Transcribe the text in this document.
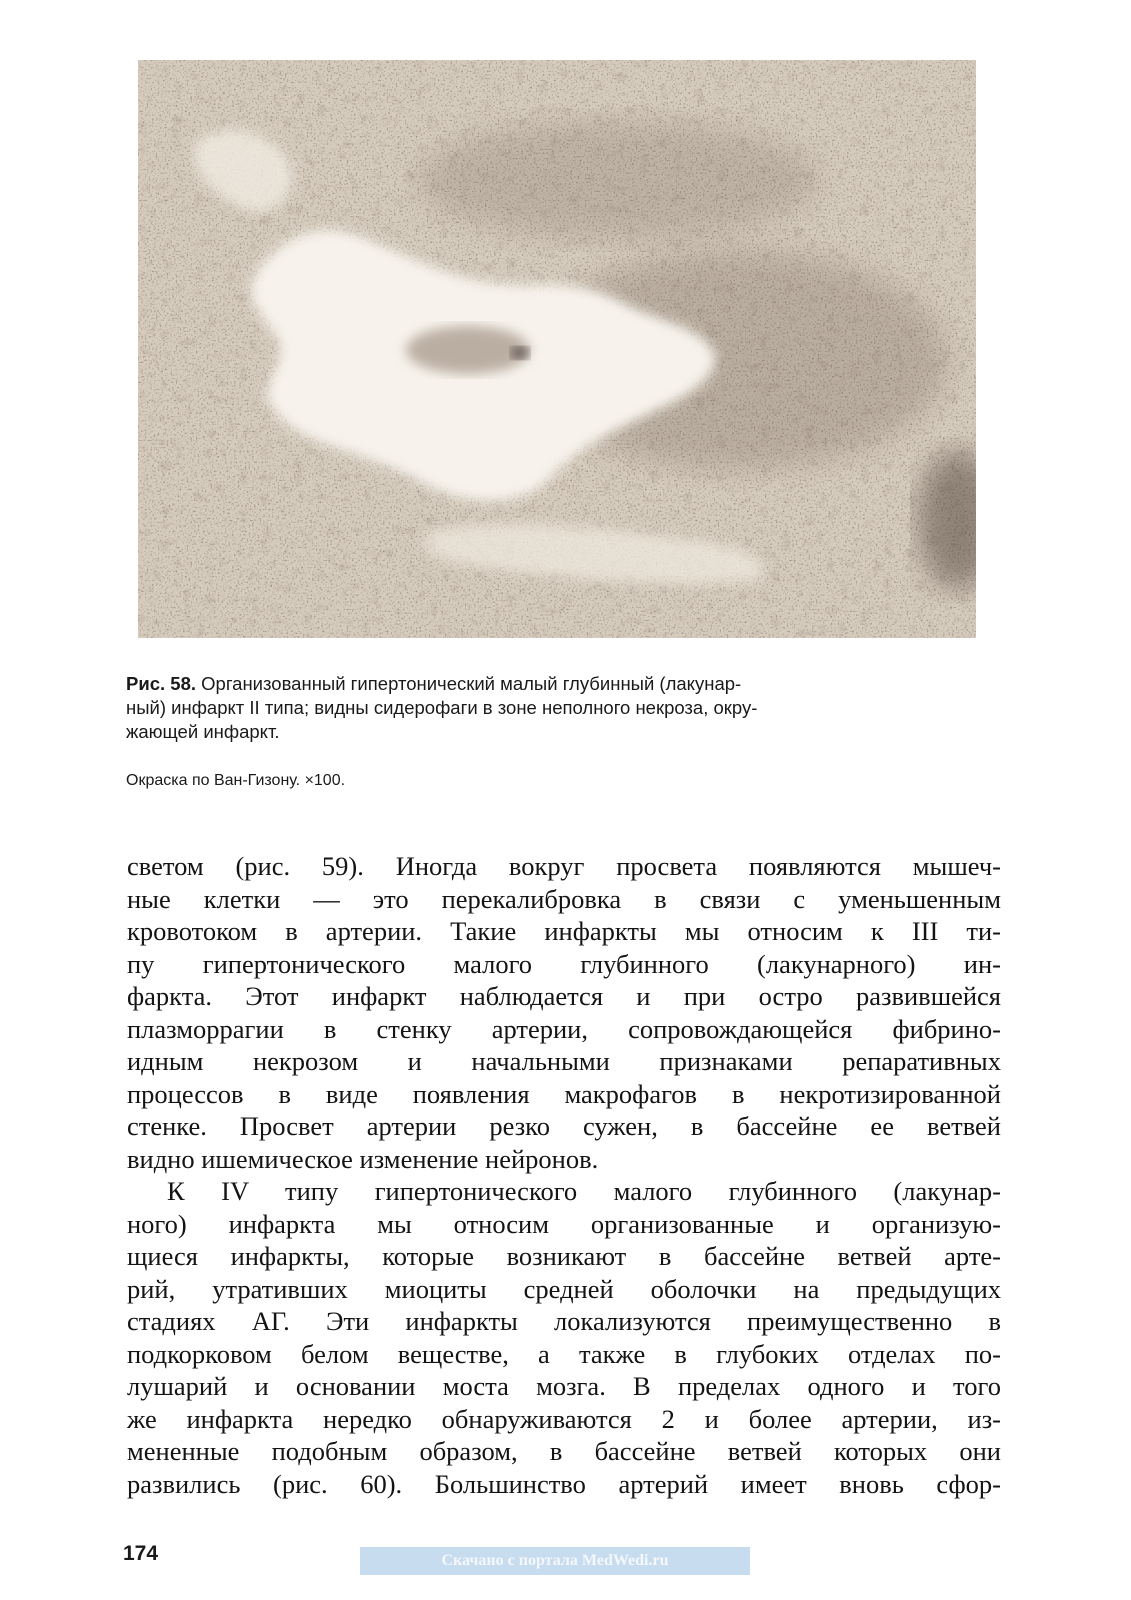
Рис. 58. Организованный гипертонический малый глубинный (лакунар-
ный) инфаркт II типа; видны сидерофаги в зоне неполного некроза, окру-
жающей инфаркт.
Окраска по Ван-Гизону. ×100.
светом (рис. 59). Иногда вокруг просвета появляются мышеч-
ные клетки — это перекалибровка в связи с уменьшенным
кровотоком в артерии. Такие инфаркты мы относим к III ти-
пу гипертонического малого глубинного (лакунарного) ин-
фаркта. Этот инфаркт наблюдается и при остро развившейся
плазморрагии в стенку артерии, сопровождающейся фибрино-
идным некрозом и начальными признаками репаративных
процессов в виде появления макрофагов в некротизированной
стенке. Просвет артерии резко сужен, в бассейне ее ветвей
видно ишемическое изменение нейронов.
К IV типу гипертонического малого глубинного (лакунар-
ного) инфаркта мы относим организованные и организую-
щиеся инфаркты, которые возникают в бассейне ветвей арте-
рий, утративших миоциты средней оболочки на предыдущих
стадиях АГ. Эти инфаркты локализуются преимущественно в
подкорковом белом веществе, а также в глубоких отделах по-
лушарий и основании моста мозга. В пределах одного и того
же инфаркта нередко обнаруживаются 2 и более артерии, из-
мененные подобным образом, в бассейне ветвей которых они
развились (рис. 60). Большинство артерий имеет вновь сфор-
174	Скачано с портала MedWedi.ru
